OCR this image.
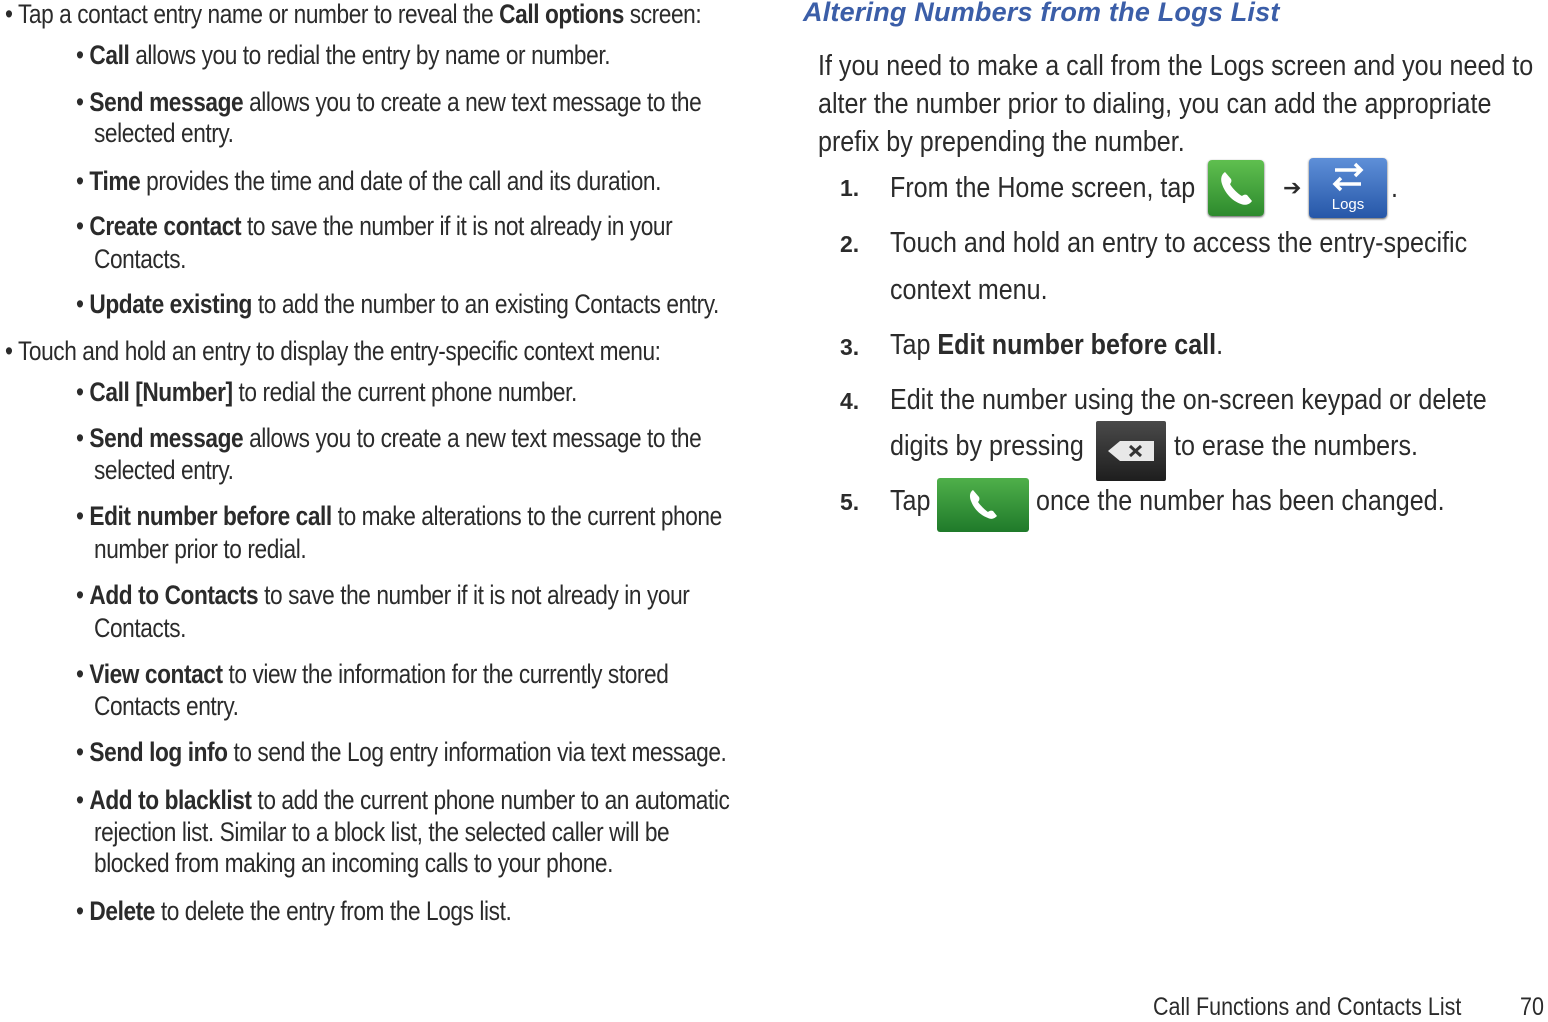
• Tap a contact entry name or number to reveal the Call options screen:
• Call allows you to redial the entry by name or number.
• Send message allows you to create a new text message to the
selected entry.
• Time provides the time and date of the call and its duration.
• Create contact to save the number if it is not already in your
Contacts.
• Update existing to add the number to an existing Contacts entry.
• Touch and hold an entry to display the entry-specific context menu:
• Call [Number] to redial the current phone number.
• Send message allows you to create a new text message to the
selected entry.
• Edit number before call to make alterations to the current phone
number prior to redial.
• Add to Contacts to save the number if it is not already in your
Contacts.
• View contact to view the information for the currently stored
Contacts entry.
• Send log info to send the Log entry information via text message.
• Add to blacklist to add the current phone number to an automatic
rejection list. Similar to a block list, the selected caller will be
blocked from making an incoming calls to your phone.
• Delete to delete the entry from the Logs list.
Altering Numbers from the Logs List
If you need to make a call from the Logs screen and you need to
alter the number prior to dialing, you can add the appropriate
prefix by prepending the number.
1. From the Home screen, tap	➔
Logs
.
2. Touch and hold an entry to access the entry-specific
context menu.
3. Tap Edit number before call.
4. Edit the number using the on-screen keypad or delete
digits by pressing	to erase the numbers.
5. Tap	once the number has been changed.
Call Functions and Contacts List 70
